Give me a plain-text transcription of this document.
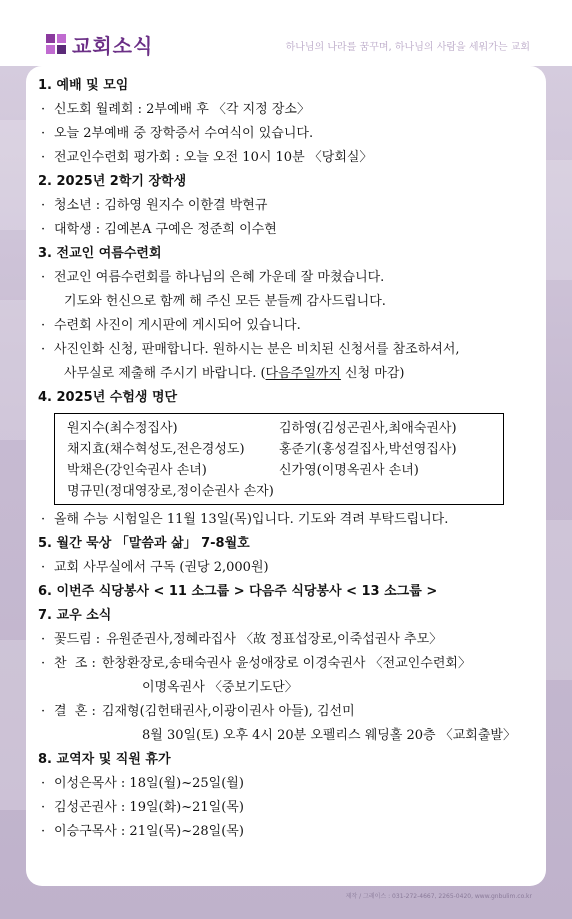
교회소식	하나님의 나라를 꿈꾸며, 하나님의 사람을 세워가는 교회
1. 예배 및 모임
· 신도회 월례회 : 2부예배 후 〈각 지정 장소〉
· 오늘 2부예배 중 장학증서 수여식이 있습니다.
· 전교인수련회 평가회 : 오늘 오전 10시 10분 〈당회실〉
2. 2025년 2학기 장학생
· 청소년 : 김하영 원지수 이한결 박현규
· 대학생 : 김예본A 구예은 정준희 이수현
3. 전교인 여름수련회
· 전교인 여름수련회를 하나님의 은혜 가운데 잘 마쳤습니다.
기도와 헌신으로 함께 해 주신 모든 분들께 감사드립니다.
· 수련회 사진이 게시판에 게시되어 있습니다.
· 사진인화 신청, 판매합니다. 원하시는 분은 비치된 신청서를 참조하셔서,
사무실로 제출해 주시기 바랍니다. (다음주일까지 신청 마감)
4. 2025년 수험생 명단
원지수(최수정집사)	김하영(김성곤권사,최애숙권사)
채지효(채수혁성도,전은경성도)	홍준기(홍성걸집사,박선영집사)
박채은(강인숙권사 손녀)	신가영(이명옥권사 손녀)
명규민(정대영장로,정이순권사 손자)
· 올해 수능 시험일은 11월 13일(목)입니다. 기도와 격려 부탁드립니다.
5. 월간 묵상 「말씀과 삶」 7-8월호
· 교회 사무실에서 구독 (권당 2,000원)
6. 이번주 식당봉사 < 11 소그룹 > 다음주 식당봉사 < 13 소그룹 >
7. 교우 소식
· 꽃드림 : 유원준권사,정혜라집사 〈故 정표섭장로,이죽섭권사 추모〉
· 찬  조 : 한창환장로,송태숙권사 윤성애장로 이경숙권사 〈전교인수련회〉
이명옥권사 〈중보기도단〉
· 결  혼 : 김재형(김헌태권사,이광이권사 아들), 김선미
8월 30일(토) 오후 4시 20분 오펠리스 웨딩홀 20층 〈교회출발〉
8. 교역자 및 직원 휴가
· 이성은목사 : 18일(월)~25일(월)
· 김성곤권사 : 19일(화)~21일(목)
· 이승구목사 : 21일(목)~28일(목)
제작 / 그레이스 : 031-272-4667, 2265-0420, www.gnbulim.co.kr
